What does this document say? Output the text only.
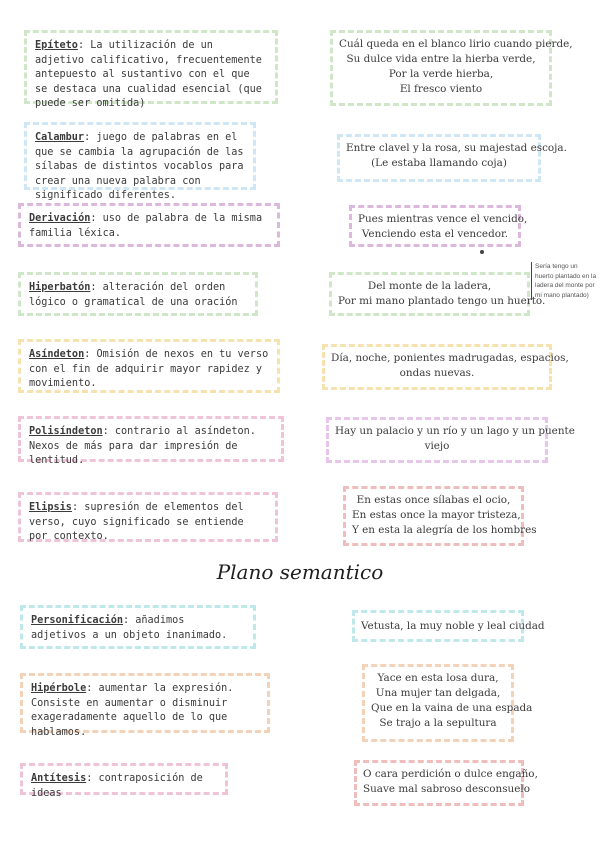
Epíteto: La utilización de un adjetivo calificativo, frecuentemente antepuesto al sustantivo con el que se destaca una cualidad esencial (que puede ser omitida)
Cuál queda en el blanco lirio cuando pierde,
Su dulce vida entre la hierba verde,
Por la verde hierba,
El fresco viento
Calambur: juego de palabras en el que se cambia la agrupación de las sílabas de distintos vocablos para crear una nueva palabra con significado diferentes.
Entre clavel y la rosa, su majestad escoja.
(Le estaba llamando coja)
Derivación: uso de palabra de la misma familia léxica.
Pues mientras vence el vencido,
Venciendo esta el vencedor.
Hiperbatón: alteración del orden lógico o gramatical de una oración
Del monte de la ladera,
Por mi mano plantado tengo un huerto.
Sería tengo un huerto plantado en la ladera del monte por mi mano plantado)
Asíndeton: Omisión de nexos en tu verso con el fin de adquirir mayor rapidez y movimiento.
Día, noche, ponientes madrugadas, espacios,
ondas nuevas.
Polisíndeton: contrario al asíndeton. Nexos de más para dar impresión de lentitud.
Hay un palacio y un río y un lago y un puente
viejo
Elipsis: supresión de elementos del verso, cuyo significado se entiende por contexto.
En estas once sílabas el ocio,
En estas once la mayor tristeza,
Y en esta la alegría de los hombres
Plano semantico
Personificación: añadimos adjetivos a un objeto inanimado.
Vetusta, la muy noble y leal ciudad
Hipérbole: aumentar la expresión. Consiste en aumentar o disminuir exageradamente aquello de lo que hablamos.
Yace en esta losa dura,
Una mujer tan delgada,
Que en la vaina de una espada
Se trajo a la sepultura
Antítesis: contraposición de ideas
O cara perdición o dulce engaño,
Suave mal sabroso desconsuelo
